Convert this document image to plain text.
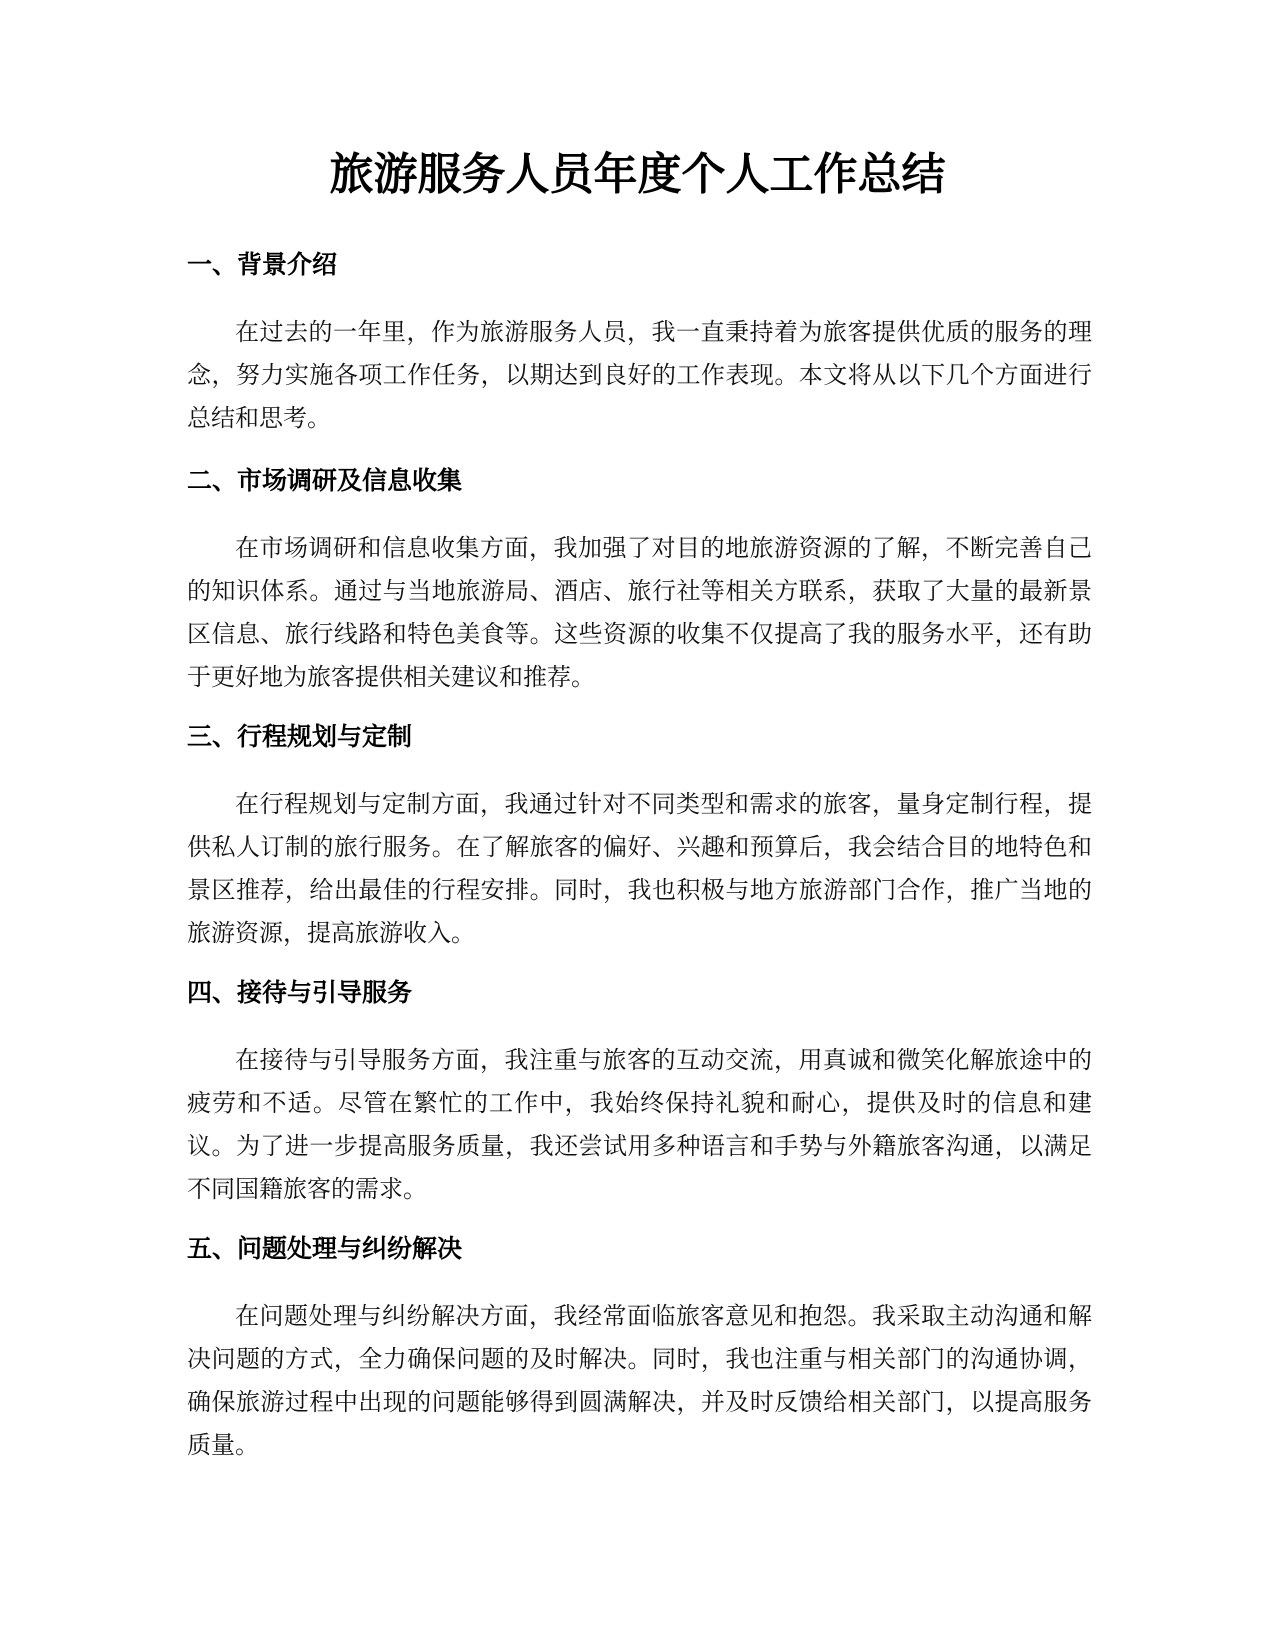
旅游服务人员年度个人工作总结
一、背景介绍

在过去的一年里，作为旅游服务人员，我一直秉持着为旅客提供优质的服务的理念，努力实施各项工作任务，以期达到良好的工作表现。本文将从以下几个方面进行总结和思考。

二、市场调研及信息收集

在市场调研和信息收集方面，我加强了对目的地旅游资源的了解，不断完善自己的知识体系。通过与当地旅游局、酒店、旅行社等相关方联系，获取了大量的最新景区信息、旅行线路和特色美食等。这些资源的收集不仅提高了我的服务水平，还有助于更好地为旅客提供相关建议和推荐。

三、行程规划与定制

在行程规划与定制方面，我通过针对不同类型和需求的旅客，量身定制行程，提供私人订制的旅行服务。在了解旅客的偏好、兴趣和预算后，我会结合目的地特色和景区推荐，给出最佳的行程安排。同时，我也积极与地方旅游部门合作，推广当地的旅游资源，提高旅游收入。

四、接待与引导服务

在接待与引导服务方面，我注重与旅客的互动交流，用真诚和微笑化解旅途中的疲劳和不适。尽管在繁忙的工作中，我始终保持礼貌和耐心，提供及时的信息和建议。为了进一步提高服务质量，我还尝试用多种语言和手势与外籍旅客沟通，以满足不同国籍旅客的需求。

五、问题处理与纠纷解决

在问题处理与纠纷解决方面，我经常面临旅客意见和抱怨。我采取主动沟通和解决问题的方式，全力确保问题的及时解决。同时，我也注重与相关部门的沟通协调，确保旅游过程中出现的问题能够得到圆满解决，并及时反馈给相关部门，以提高服务质量。
